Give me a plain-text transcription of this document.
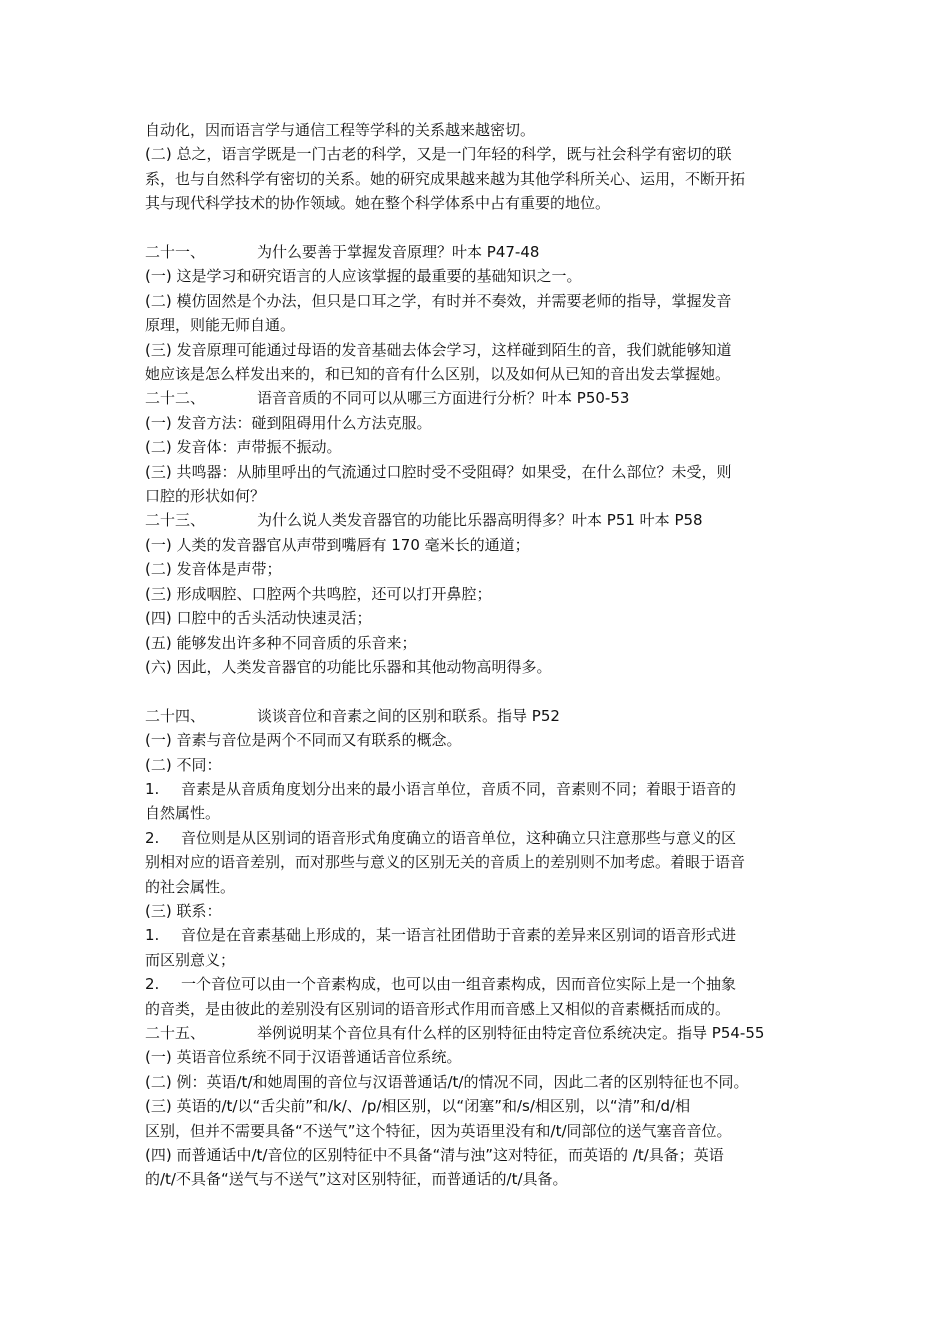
自动化，因而语言学与通信工程等学科的关系越来越密切。
(二) 总之，语言学既是一门古老的科学，又是一门年轻的科学，既与社会科学有密切的联
系，也与自然科学有密切的关系。她的研究成果越来越为其他学科所关心、运用，不断开拓
其与现代科学技术的协作领域。她在整个科学体系中占有重要的地位。
二十一、	为什么要善于掌握发音原理？叶本 P47-48
(一) 这是学习和研究语言的人应该掌握的最重要的基础知识之一。
(二) 模仿固然是个办法，但只是口耳之学，有时并不奏效，并需要老师的指导，掌握发音
原理，则能无师自通。
(三) 发音原理可能通过母语的发音基础去体会学习，这样碰到陌生的音，我们就能够知道
她应该是怎么样发出来的，和已知的音有什么区别，以及如何从已知的音出发去掌握她。
二十二、	语音音质的不同可以从哪三方面进行分析？叶本 P50-53
(一) 发音方法：碰到阻碍用什么方法克服。
(二) 发音体：声带振不振动。
(三) 共鸣器：从肺里呼出的气流通过口腔时受不受阻碍？如果受，在什么部位？未受，则
口腔的形状如何？
二十三、	为什么说人类发音器官的功能比乐器高明得多？叶本 P51 叶本 P58
(一) 人类的发音器官从声带到嘴唇有 170 毫米长的通道；
(二) 发音体是声带；
(三) 形成咽腔、口腔两个共鸣腔，还可以打开鼻腔；
(四) 口腔中的舌头活动快速灵活；
(五) 能够发出许多种不同音质的乐音来；
(六) 因此，人类发音器官的功能比乐器和其他动物高明得多。
二十四、	谈谈音位和音素之间的区别和联系。指导 P52
(一) 音素与音位是两个不同而又有联系的概念。
(二) 不同：
1. 音素是从音质角度划分出来的最小语言单位，音质不同，音素则不同；着眼于语音的
自然属性。
2. 音位则是从区别词的语音形式角度确立的语音单位，这种确立只注意那些与意义的区
别相对应的语音差别，而对那些与意义的区别无关的音质上的差别则不加考虑。着眼于语音
的社会属性。
(三) 联系：
1. 音位是在音素基础上形成的，某一语言社团借助于音素的差异来区别词的语音形式进
而区别意义；
2. 一个音位可以由一个音素构成，也可以由一组音素构成，因而音位实际上是一个抽象
的音类，是由彼此的差别没有区别词的语音形式作用而音感上又相似的音素概括而成的。
二十五、	举例说明某个音位具有什么样的区别特征由特定音位系统决定。指导 P54-55
(一) 英语音位系统不同于汉语普通话音位系统。
(二) 例：英语/t/和她周围的音位与汉语普通话/t/的情况不同，因此二者的区别特征也不同。
(三) 英语的/t/以“舌尖前”和/k/、/p/相区别，以“闭塞”和/s/相区别，以“清”和/d/相
区别，但并不需要具备“不送气”这个特征，因为英语里没有和/t/同部位的送气塞音音位。
(四) 而普通话中/t/音位的区别特征中不具备“清与浊”这对特征，而英语的 /t/具备；英语
的/t/不具备“送气与不送气”这对区别特征，而普通话的/t/具备。
